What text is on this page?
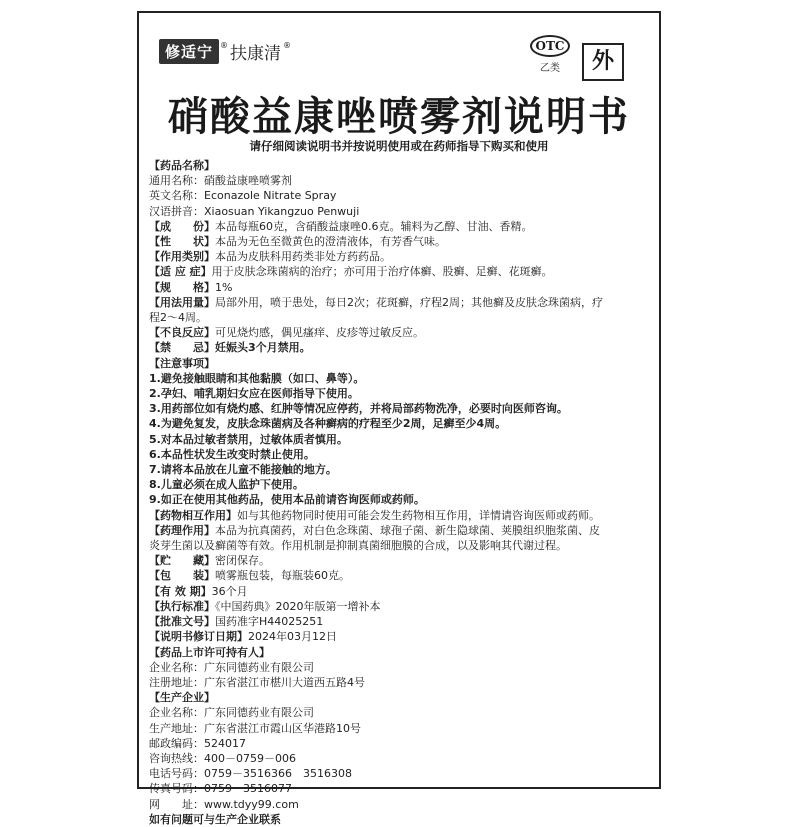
修适宁 ® 扶康清 ®	OTC
乙类	外
硝酸益康唑喷雾剂说明书
请仔细阅读说明书并按说明使用或在药师指导下购买和使用
【药品名称】
通用名称：硝酸益康唑喷雾剂
英文名称：Econazole Nitrate Spray
汉语拼音：Xiaosuan Yikangzuo Penwuji
【成　　份】本品每瓶60克，含硝酸益康唑0.6克。辅料为乙醇、甘油、香精。
【性　　状】本品为无色至微黄色的澄清液体，有芳香气味。
【作用类别】本品为皮肤科用药类非处方药药品。
【适 应 症】用于皮肤念珠菌病的治疗；亦可用于治疗体癣、股癣、足癣、花斑癣。
【规　　格】1%
【用法用量】局部外用，喷于患处，每日2次；花斑癣，疗程2周；其他癣及皮肤念珠菌病，疗
程2～4周。
【不良反应】可见烧灼感，偶见瘙痒、皮疹等过敏反应。
【禁　　忌】妊娠头3个月禁用。
【注意事项】
1.避免接触眼睛和其他黏膜（如口、鼻等）。
2.孕妇、哺乳期妇女应在医师指导下使用。
3.用药部位如有烧灼感、红肿等情况应停药，并将局部药物洗净，必要时向医师咨询。
4.为避免复发，皮肤念珠菌病及各种癣病的疗程至少2周，足癣至少4周。
5.对本品过敏者禁用，过敏体质者慎用。
6.本品性状发生改变时禁止使用。
7.请将本品放在儿童不能接触的地方。
8.儿童必须在成人监护下使用。
9.如正在使用其他药品，使用本品前请咨询医师或药师。
【药物相互作用】如与其他药物同时使用可能会发生药物相互作用，详情请咨询医师或药师。
【药理作用】本品为抗真菌药，对白色念珠菌、球孢子菌、新生隐球菌、荚膜组织胞浆菌、皮
炎芽生菌以及癣菌等有效。作用机制是抑制真菌细胞膜的合成，以及影响其代谢过程。
【贮　　藏】密闭保存。
【包　　装】喷雾瓶包装，每瓶装60克。
【有 效 期】36个月
【执行标准】《中国药典》2020年版第一增补本
【批准文号】国药准字H44025251
【说明书修订日期】2024年03月12日
【药品上市许可持有人】
企业名称：广东同德药业有限公司
注册地址：广东省湛江市椹川大道西五路4号
【生产企业】
企业名称：广东同德药业有限公司
生产地址：广东省湛江市霞山区华港路10号
邮政编码：524017
咨询热线：400－0759－006
电话号码：0759－3516366　3516308
传真号码：0759－3516077
网　　址：www.tdyy99.com
如有问题可与生产企业联系
